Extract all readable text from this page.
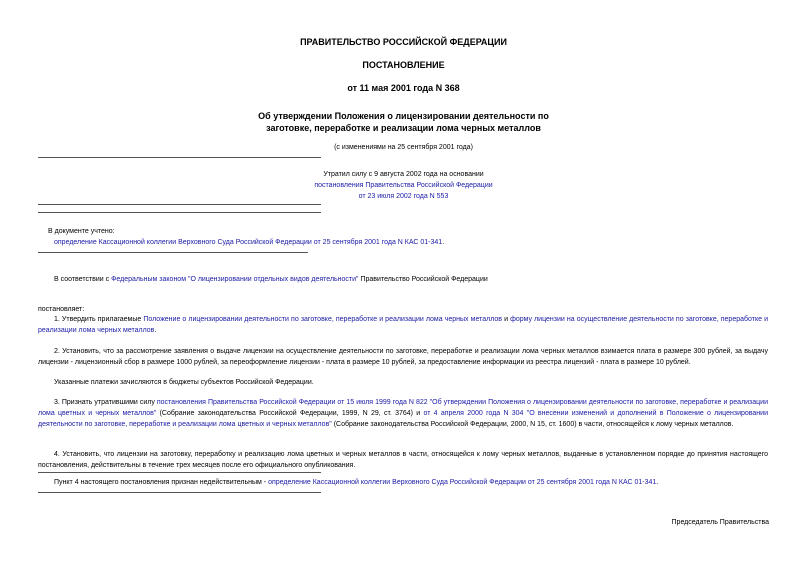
ПРАВИТЕЛЬСТВО РОССИЙСКОЙ ФЕДЕРАЦИИ
ПОСТАНОВЛЕНИЕ
от 11 мая 2001 года N 368
Об утверждении Положения о лицензировании деятельности по
заготовке, переработке и реализации лома черных металлов
(с изменениями на 25 сентября 2001 года)
Утратил силу с 9 августа 2002 года на основании
постановления Правительства Российской Федерации
от 23 июля 2002 года N 553
В документе учтено:
определение Кассационной коллегии Верховного Суда Российской Федерации от 25 сентября 2001 года N КАС 01-341.
В соответствии с Федеральным законом "О лицензировании отдельных видов деятельности" Правительство Российской Федерации
постановляет:
1. Утвердить прилагаемые Положение о лицензировании деятельности по заготовке, переработке и реализации лома черных металлов и форму лицензии на осуществление деятельности по заготовке, переработке и реализации лома черных металлов.
2. Установить, что за рассмотрение заявления о выдаче лицензии на осуществление деятельности по заготовке, переработке и реализации лома черных металлов взимается плата в размере 300 рублей, за выдачу лицензии - лицензионный сбор в размере 1000 рублей, за переоформление лицензии - плата в размере 10 рублей, за предоставление информации из реестра лицензий - плата в размере 10 рублей.
Указанные платежи зачисляются в бюджеты субъектов Российской Федерации.
3. Признать утратившими силу постановления Правительства Российской Федерации от 15 июля 1999 года N 822 "Об утверждении Положения о лицензировании деятельности по заготовке, переработке и реализации лома цветных и черных металлов" (Собрание законодательства Российской Федерации, 1999, N 29, ст. 3764) и от 4 апреля 2000 года N 304 "О внесении изменений и дополнений в Положение о лицензировании деятельности по заготовке, переработке и реализации лома цветных и черных металлов" (Собрание законодательства Российской Федерации, 2000, N 15, ст. 1600) в части, относящейся к лому черных металлов.
4. Установить, что лицензии на заготовку, переработку и реализацию лома цветных и черных металлов в части, относящейся к лому черных металлов, выданные в установленном порядке до принятия настоящего постановления, действительны в течение трех месяцев после его официального опубликования.
Пункт 4 настоящего постановления признан недействительным - определение Кассационной коллегии Верховного Суда Российской Федерации от 25 сентября 2001 года N КАС 01-341.
Председатель Правительства
